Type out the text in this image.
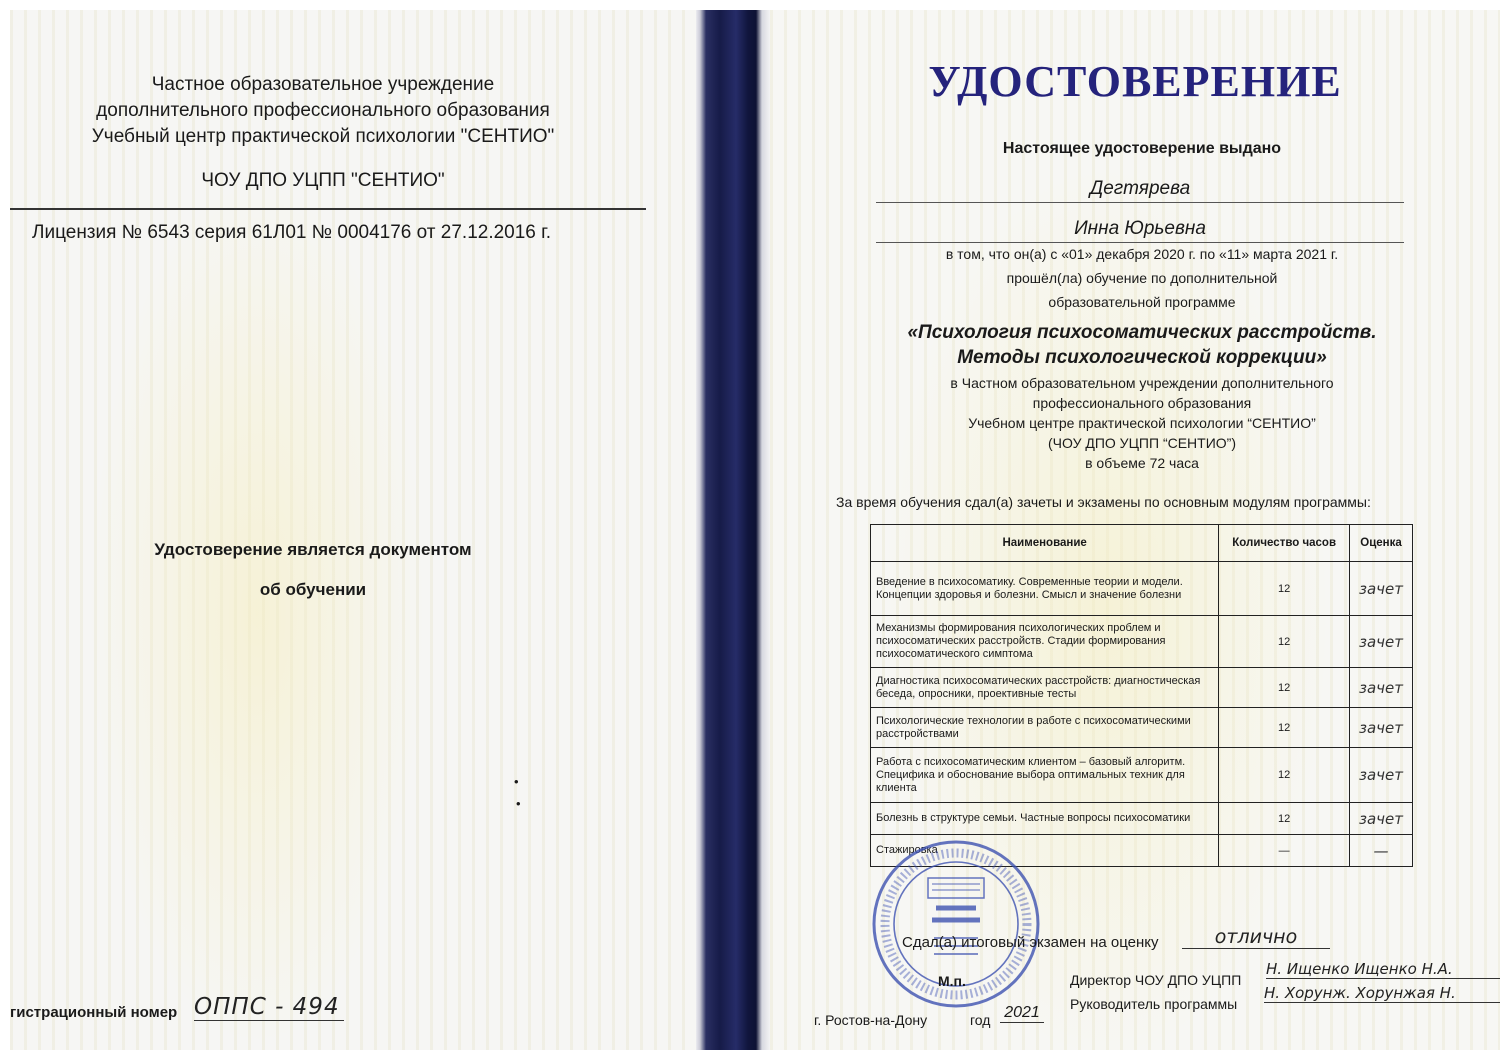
Частное образовательное учреждение
дополнительного профессионального образования
Учебный центр практической психологии "СЕНТИО"
ЧОУ ДПО УЦПП "СЕНТИО"
Лицензия № 6543 серия 61Л01 № 0004176 от 27.12.2016 г.
Удостоверение является документом
об обучении
•
•
гистрационный номер ОППС - 494
УДОСТОВЕРЕНИЕ
Настоящее удостоверение выдано
Дегтярева
Инна Юрьевна
в том, что он(а) с «01» декабря 2020 г. по «11» марта 2021 г.
прошёл(ла) обучение по дополнительной
образовательной программе
«Психология психосоматических расстройств.
Методы психологической коррекции»
в Частном образовательном учреждении дополнительного
профессионального образования
Учебном центре практической психологии “СЕНТИО”
(ЧОУ ДПО УЦПП “СЕНТИО”)
в объеме 72 часа
За время обучения сдал(а) зачеты и экзамены по основным модулям программы:
Наименование	Количество часов	Оценка
Введение в психосоматику. Современные теории и модели. Концепции здоровья и болезни. Смысл и значение болезни	12	зачет
Механизмы формирования психологических проблем и психосоматических расстройств. Стадии формирования психосоматического симптома	12	зачет
Диагностика психосоматических расстройств: диагностическая беседа, опросники, проективные тесты	12	зачет
Психологические технологии в работе с психосоматическими расстройствами	12	зачет
Работа с психосоматическим клиентом – базовый алгоритм. Специфика и обоснование выбора оптимальных техник для клиента	12	зачет
Болезнь в структуре семьи. Частные вопросы психосоматики	12	зачет
Стажировка	—	—
Сдал(а) итоговый экзамен на оценку	отлично
М.п.	Директор ЧОУ ДПО УЦПП
Н. Ищенко Ищенко Н.А.
Руководитель программы
Н. Хорунж. Хорунжая Н.
г. Ростов-на-Дону	год 2021
